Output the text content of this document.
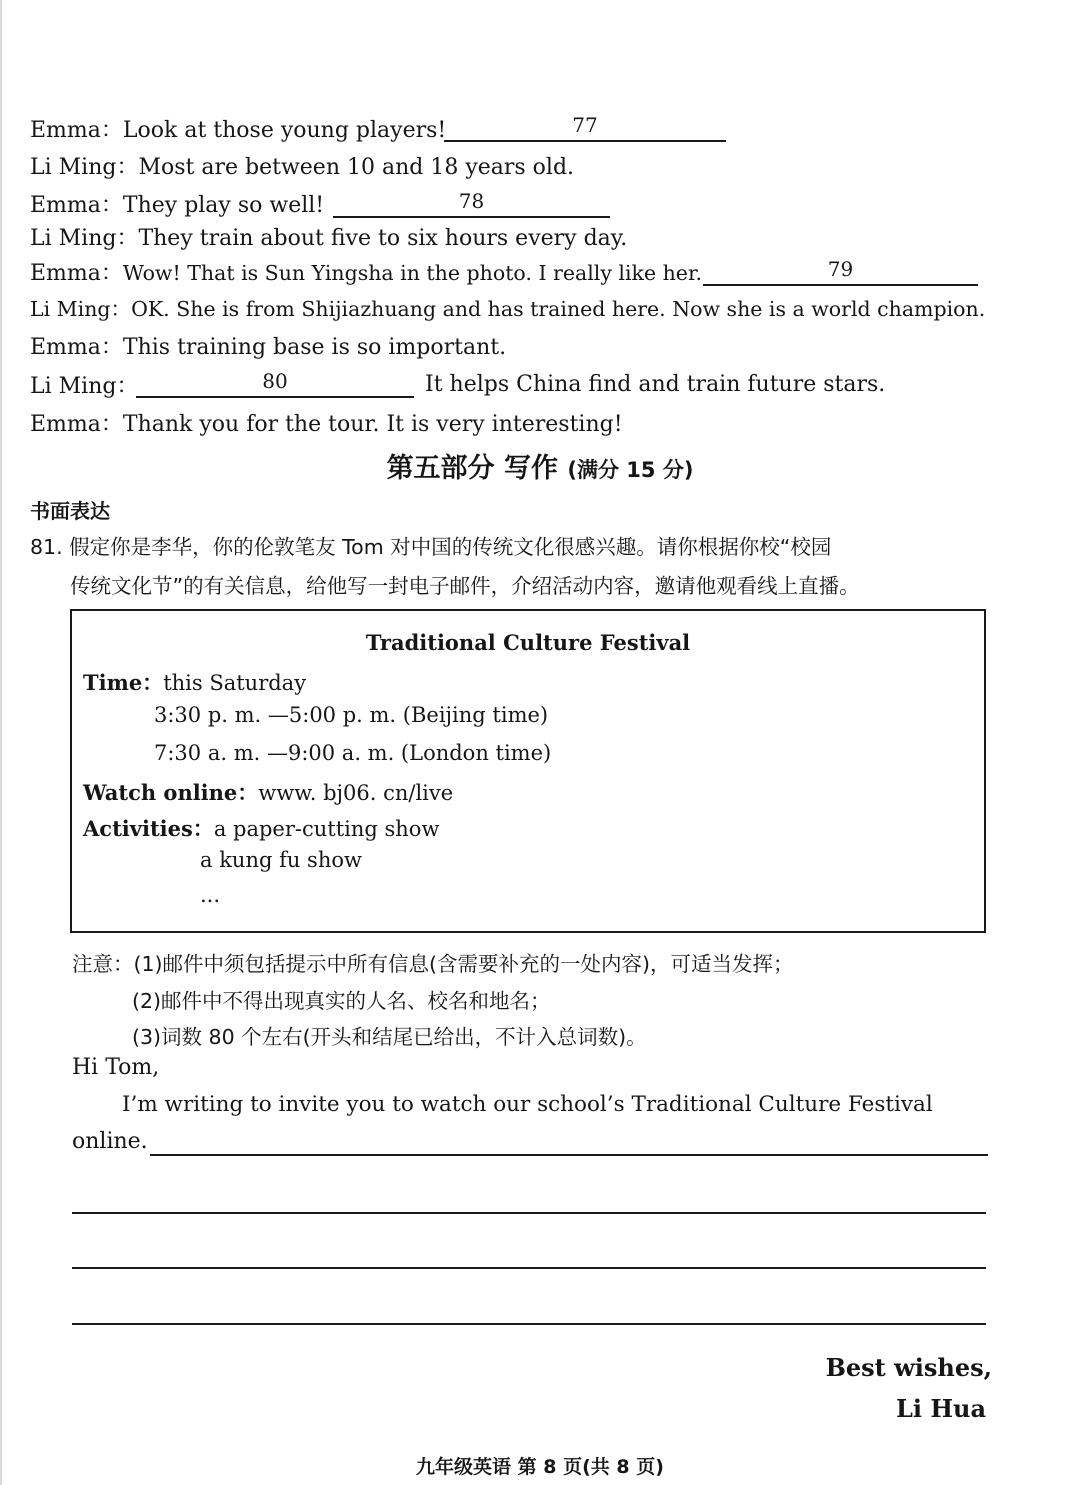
Emma：Look at those young players!	77
Li Ming：Most are between 10 and 18 years old.
Emma：They play so well!	78
Li Ming：They train about five to six hours every day.
Emma：Wow! That is Sun Yingsha in the photo. I really like her.	79
Li Ming：OK. She is from Shijiazhuang and has trained here. Now she is a world champion.
Emma：This training base is so important.
Li Ming：	80	It helps China find and train future stars.
Emma：Thank you for the tour. It is very interesting!
第五部分 写作 (满分 15 分)
书面表达
81. 假定你是李华，你的伦敦笔友 Tom 对中国的传统文化很感兴趣。请你根据你校“校园
传统文化节”的有关信息，给他写一封电子邮件，介绍活动内容，邀请他观看线上直播。
Traditional Culture Festival
Time：this Saturday
3:30 p. m. —5:00 p. m. (Beijing time)
7:30 a. m. —9:00 a. m. (London time)
Watch online：www. bj06. cn/live
Activities：a paper-cutting show
a kung fu show
...
注意：(1)邮件中须包括提示中所有信息(含需要补充的一处内容)，可适当发挥；
(2)邮件中不得出现真实的人名、校名和地名；
(3)词数 80 个左右(开头和结尾已给出，不计入总词数)。
Hi Tom,
I’m writing to invite you to watch our school’s Traditional Culture Festival
online.
Best wishes,
Li Hua
九年级英语 第 8 页(共 8 页)
